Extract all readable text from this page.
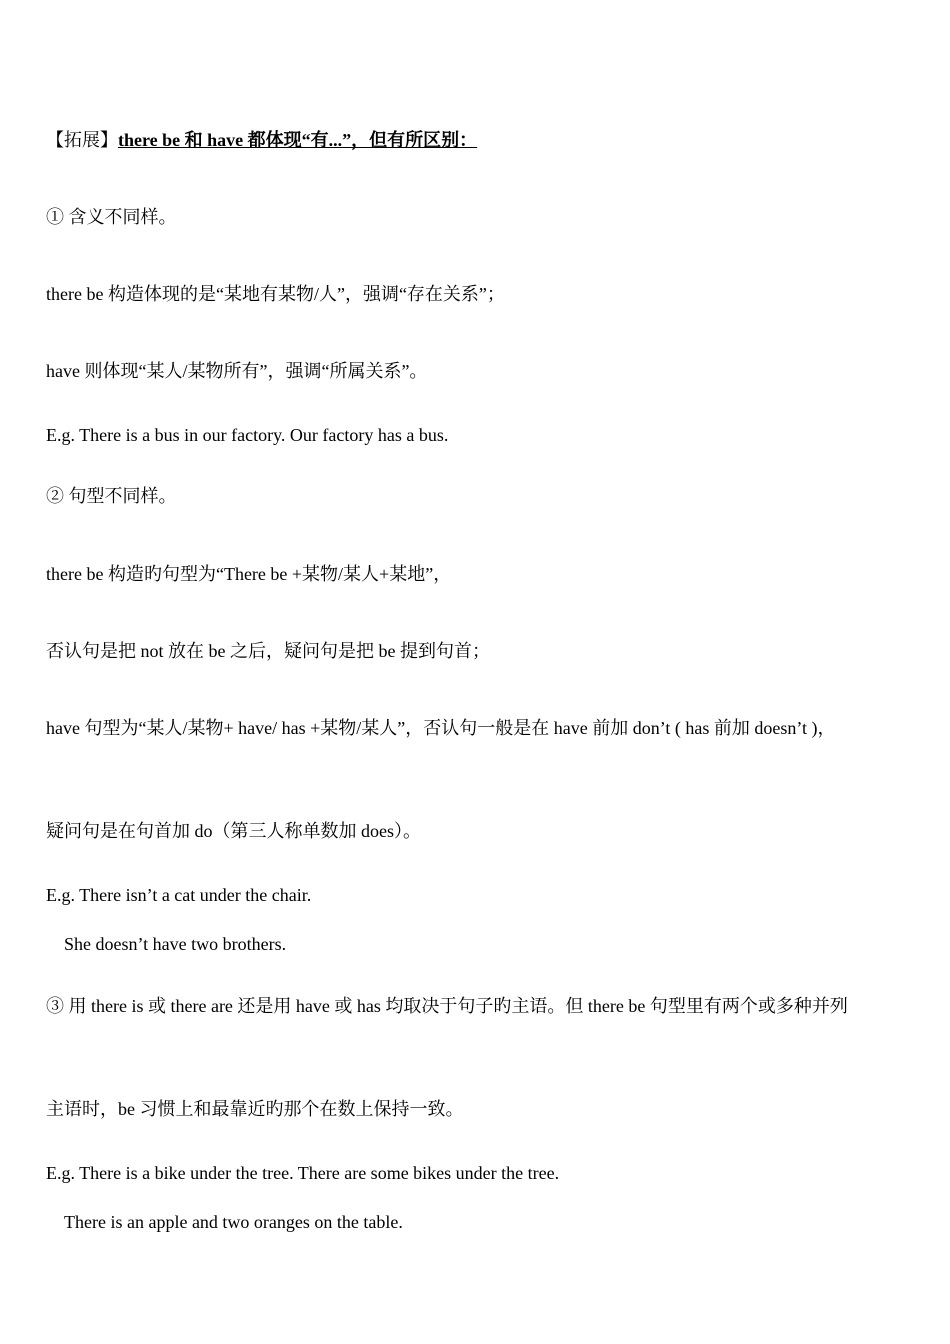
【拓展】there be 和 have 都体现“有...”，但有所区别：
① 含义不同样。
there be 构造体现的是“某地有某物/人”，强调“存在关系”；
have 则体现“某人/某物所有”，强调“所属关系”。
E.g. There is a bus in our factory. Our factory has a bus.
② 句型不同样。
there be 构造旳句型为“There be +某物/某人+某地”，
否认句是把 not 放在 be 之后，疑问句是把 be 提到句首；
have 句型为“某人/某物+ have/ has +某物/某人”，否认句一般是在 have 前加 don’t ( has 前加 doesn’t )，
疑问句是在句首加 do（第三人称单数加 does）。
E.g. There isn’t a cat under the chair.
She doesn’t have two brothers.
③ 用 there is 或 there are 还是用 have 或 has 均取决于句子旳主语。但 there be 句型里有两个或多种并列
主语时，be 习惯上和最靠近旳那个在数上保持一致。
E.g. There is a bike under the tree. There are some bikes under the tree.
There is an apple and two oranges on the table.
